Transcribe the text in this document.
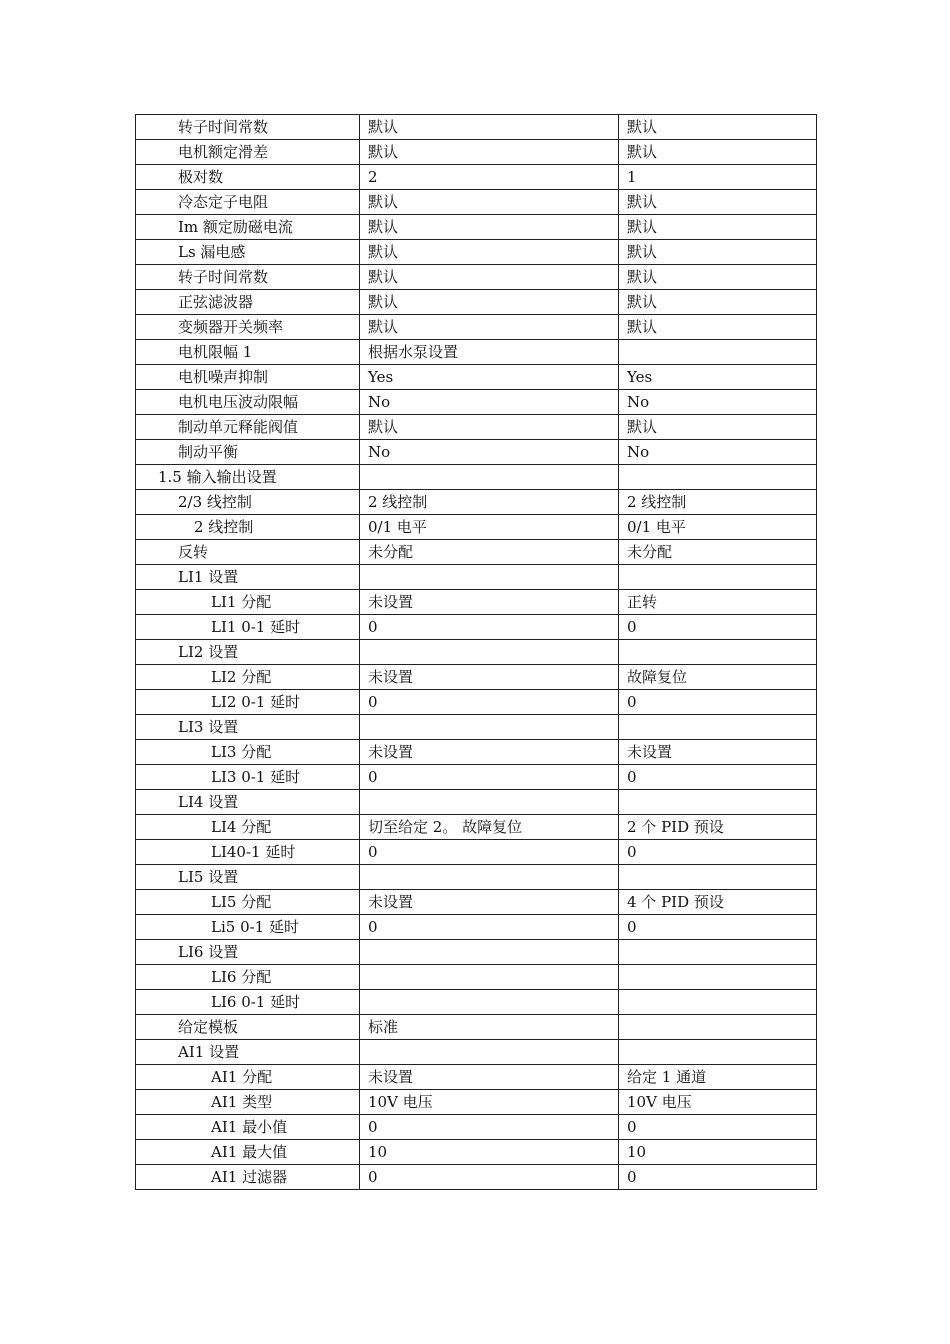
转子时间常数	默认	默认
电机额定滑差	默认	默认
极对数	2	1
冷态定子电阻	默认	默认
Im 额定励磁电流	默认	默认
Ls 漏电感	默认	默认
转子时间常数	默认	默认
正弦滤波器	默认	默认
变频器开关频率	默认	默认
电机限幅 1	根据水泵设置	
电机噪声抑制	Yes	Yes
电机电压波动限幅	No	No
制动单元释能阀值	默认	默认
制动平衡	No	No
1.5 输入输出设置		
2/3 线控制	2 线控制	2 线控制
2 线控制	0/1 电平	0/1 电平
反转	未分配	未分配
LI1 设置		
LI1 分配	未设置	正转
LI1 0-1 延时	0	0
LI2 设置		
LI2 分配	未设置	故障复位
LI2 0-1 延时	0	0
LI3 设置		
LI3 分配	未设置	未设置
LI3 0-1 延时	0	0
LI4 设置		
LI4 分配	切至给定 2。 故障复位	2 个 PID 预设
LI40-1 延时	0	0
LI5 设置		
LI5 分配	未设置	4 个 PID 预设
Li5 0-1 延时	0	0
LI6 设置		
LI6 分配		
LI6 0-1 延时		
给定模板	标准	
AI1 设置		
AI1 分配	未设置	给定 1 通道
AI1 类型	10V 电压	10V 电压
AI1 最小值	0	0
AI1 最大值	10	10
AI1 过滤器	0	0
